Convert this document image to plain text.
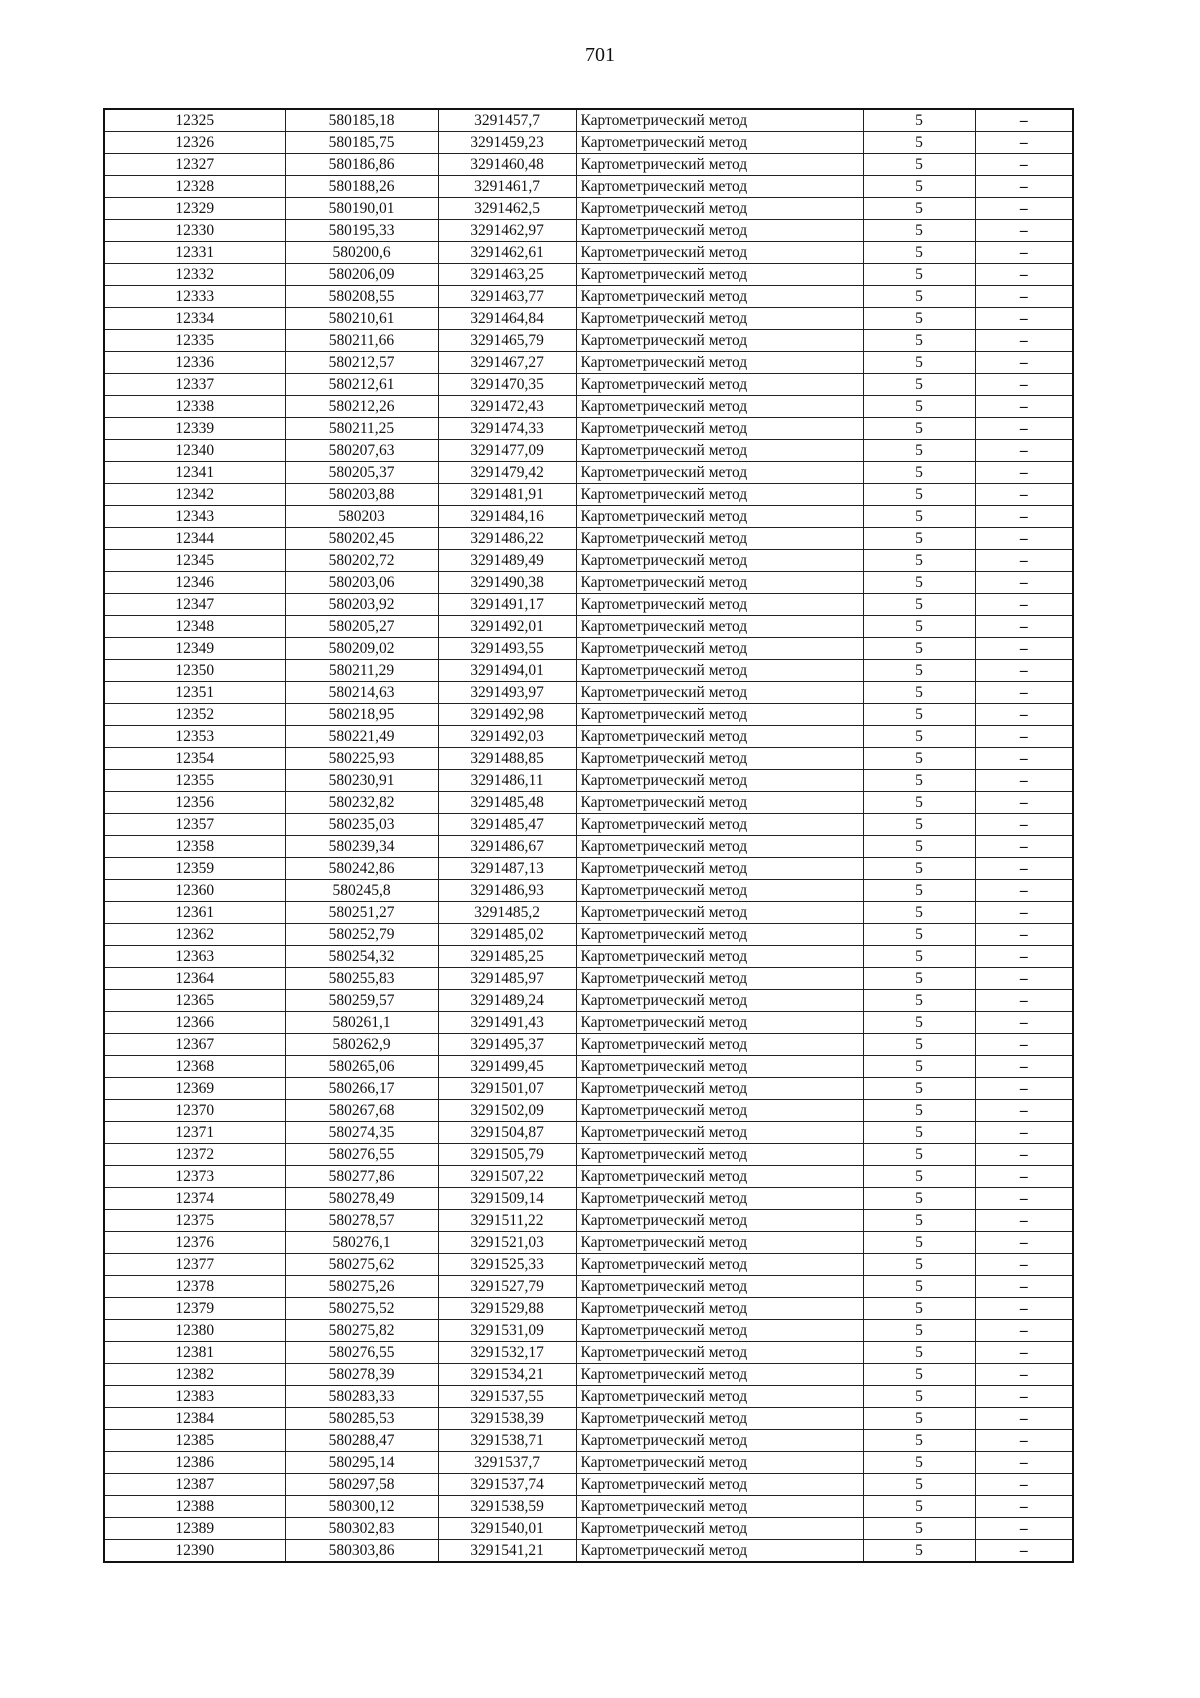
701
12325	580185,18	3291457,7	Картометрический метод	5	–
12326	580185,75	3291459,23	Картометрический метод	5	–
12327	580186,86	3291460,48	Картометрический метод	5	–
12328	580188,26	3291461,7	Картометрический метод	5	–
12329	580190,01	3291462,5	Картометрический метод	5	–
12330	580195,33	3291462,97	Картометрический метод	5	–
12331	580200,6	3291462,61	Картометрический метод	5	–
12332	580206,09	3291463,25	Картометрический метод	5	–
12333	580208,55	3291463,77	Картометрический метод	5	–
12334	580210,61	3291464,84	Картометрический метод	5	–
12335	580211,66	3291465,79	Картометрический метод	5	–
12336	580212,57	3291467,27	Картометрический метод	5	–
12337	580212,61	3291470,35	Картометрический метод	5	–
12338	580212,26	3291472,43	Картометрический метод	5	–
12339	580211,25	3291474,33	Картометрический метод	5	–
12340	580207,63	3291477,09	Картометрический метод	5	–
12341	580205,37	3291479,42	Картометрический метод	5	–
12342	580203,88	3291481,91	Картометрический метод	5	–
12343	580203	3291484,16	Картометрический метод	5	–
12344	580202,45	3291486,22	Картометрический метод	5	–
12345	580202,72	3291489,49	Картометрический метод	5	–
12346	580203,06	3291490,38	Картометрический метод	5	–
12347	580203,92	3291491,17	Картометрический метод	5	–
12348	580205,27	3291492,01	Картометрический метод	5	–
12349	580209,02	3291493,55	Картометрический метод	5	–
12350	580211,29	3291494,01	Картометрический метод	5	–
12351	580214,63	3291493,97	Картометрический метод	5	–
12352	580218,95	3291492,98	Картометрический метод	5	–
12353	580221,49	3291492,03	Картометрический метод	5	–
12354	580225,93	3291488,85	Картометрический метод	5	–
12355	580230,91	3291486,11	Картометрический метод	5	–
12356	580232,82	3291485,48	Картометрический метод	5	–
12357	580235,03	3291485,47	Картометрический метод	5	–
12358	580239,34	3291486,67	Картометрический метод	5	–
12359	580242,86	3291487,13	Картометрический метод	5	–
12360	580245,8	3291486,93	Картометрический метод	5	–
12361	580251,27	3291485,2	Картометрический метод	5	–
12362	580252,79	3291485,02	Картометрический метод	5	–
12363	580254,32	3291485,25	Картометрический метод	5	–
12364	580255,83	3291485,97	Картометрический метод	5	–
12365	580259,57	3291489,24	Картометрический метод	5	–
12366	580261,1	3291491,43	Картометрический метод	5	–
12367	580262,9	3291495,37	Картометрический метод	5	–
12368	580265,06	3291499,45	Картометрический метод	5	–
12369	580266,17	3291501,07	Картометрический метод	5	–
12370	580267,68	3291502,09	Картометрический метод	5	–
12371	580274,35	3291504,87	Картометрический метод	5	–
12372	580276,55	3291505,79	Картометрический метод	5	–
12373	580277,86	3291507,22	Картометрический метод	5	–
12374	580278,49	3291509,14	Картометрический метод	5	–
12375	580278,57	3291511,22	Картометрический метод	5	–
12376	580276,1	3291521,03	Картометрический метод	5	–
12377	580275,62	3291525,33	Картометрический метод	5	–
12378	580275,26	3291527,79	Картометрический метод	5	–
12379	580275,52	3291529,88	Картометрический метод	5	–
12380	580275,82	3291531,09	Картометрический метод	5	–
12381	580276,55	3291532,17	Картометрический метод	5	–
12382	580278,39	3291534,21	Картометрический метод	5	–
12383	580283,33	3291537,55	Картометрический метод	5	–
12384	580285,53	3291538,39	Картометрический метод	5	–
12385	580288,47	3291538,71	Картометрический метод	5	–
12386	580295,14	3291537,7	Картометрический метод	5	–
12387	580297,58	3291537,74	Картометрический метод	5	–
12388	580300,12	3291538,59	Картометрический метод	5	–
12389	580302,83	3291540,01	Картометрический метод	5	–
12390	580303,86	3291541,21	Картометрический метод	5	–
